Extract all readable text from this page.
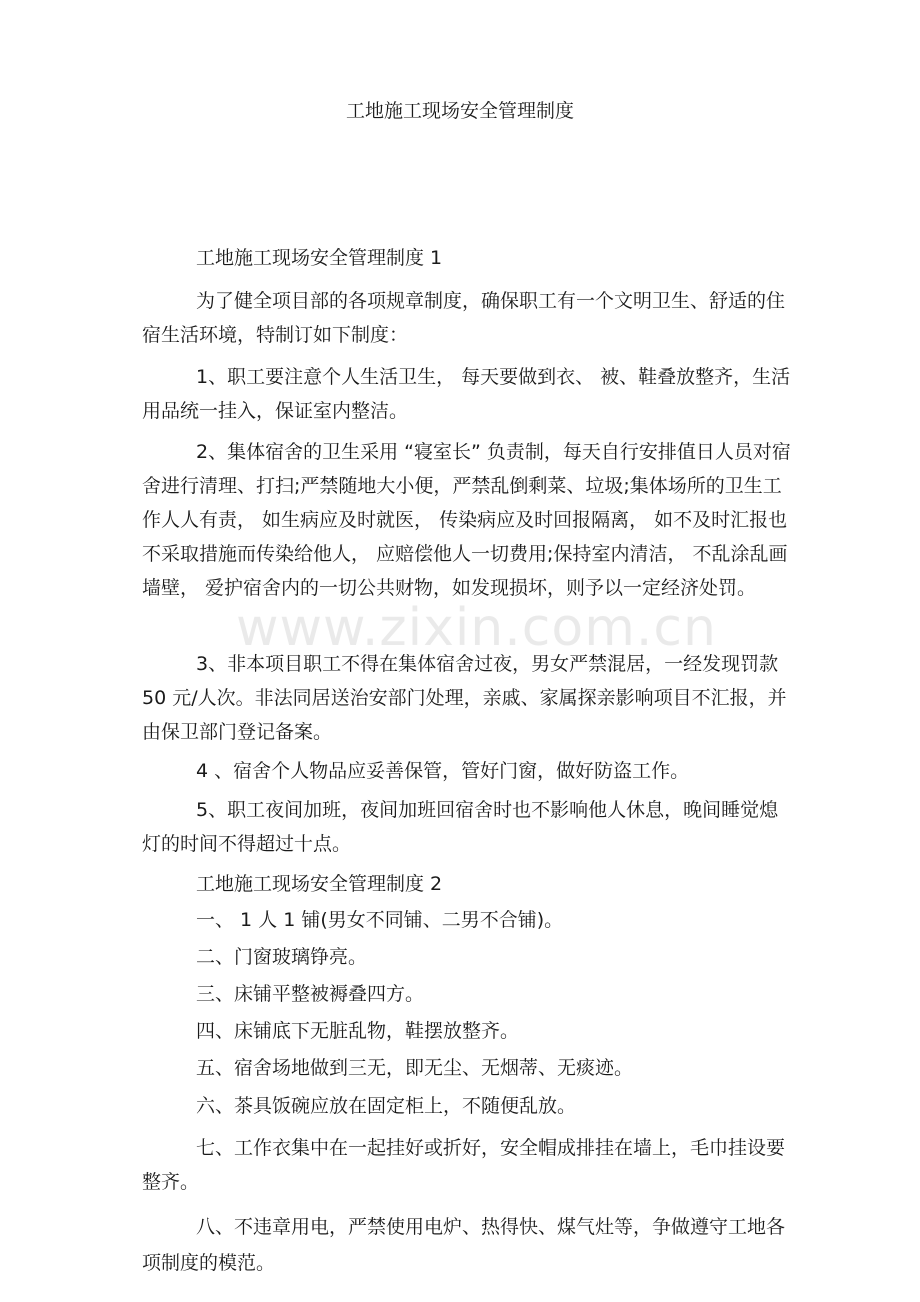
www.zixin.com.cn
工地施工现场安全管理制度

工地施工现场安全管理制度 1

为了健全项目部的各项规章制度，确保职工有一个文明卫生、舒适的住宿生活环境，特制订如下制度：

1、职工要注意个人生活卫生， 每天要做到衣、 被、鞋叠放整齐，生活用品统一挂入，保证室内整洁。

2、集体宿舍的卫生采用 “寝室长” 负责制，每天自行安排值日人员对宿舍进行清理、打扫;严禁随地大小便，严禁乱倒剩菜、垃圾;集体场所的卫生工作人人有责， 如生病应及时就医， 传染病应及时回报隔离， 如不及时汇报也不采取措施而传染给他人， 应赔偿他人一切费用;保持室内清洁， 不乱涂乱画墙壁， 爱护宿舍内的一切公共财物，如发现损坏，则予以一定经济处罚。

3、非本项目职工不得在集体宿舍过夜，男女严禁混居，一经发现罚款 50 元/人次。非法同居送治安部门处理，亲戚、家属探亲影响项目不汇报，并由保卫部门登记备案。

4 、宿舍个人物品应妥善保管，管好门窗，做好防盗工作。

5、职工夜间加班，夜间加班回宿舍时也不影响他人休息，晚间睡觉熄灯的时间不得超过十点。

工地施工现场安全管理制度 2

一、 1 人 1 铺(男女不同铺、二男不合铺)。

二、门窗玻璃铮亮。

三、床铺平整被褥叠四方。

四、床铺底下无脏乱物，鞋摆放整齐。

五、宿舍场地做到三无，即无尘、无烟蒂、无痰迹。

六、茶具饭碗应放在固定柜上，不随便乱放。

七、工作衣集中在一起挂好或折好，安全帽成排挂在墙上，毛巾挂设要整齐。

八、不违章用电，严禁使用电炉、热得快、煤气灶等，争做遵守工地各项制度的模范。
